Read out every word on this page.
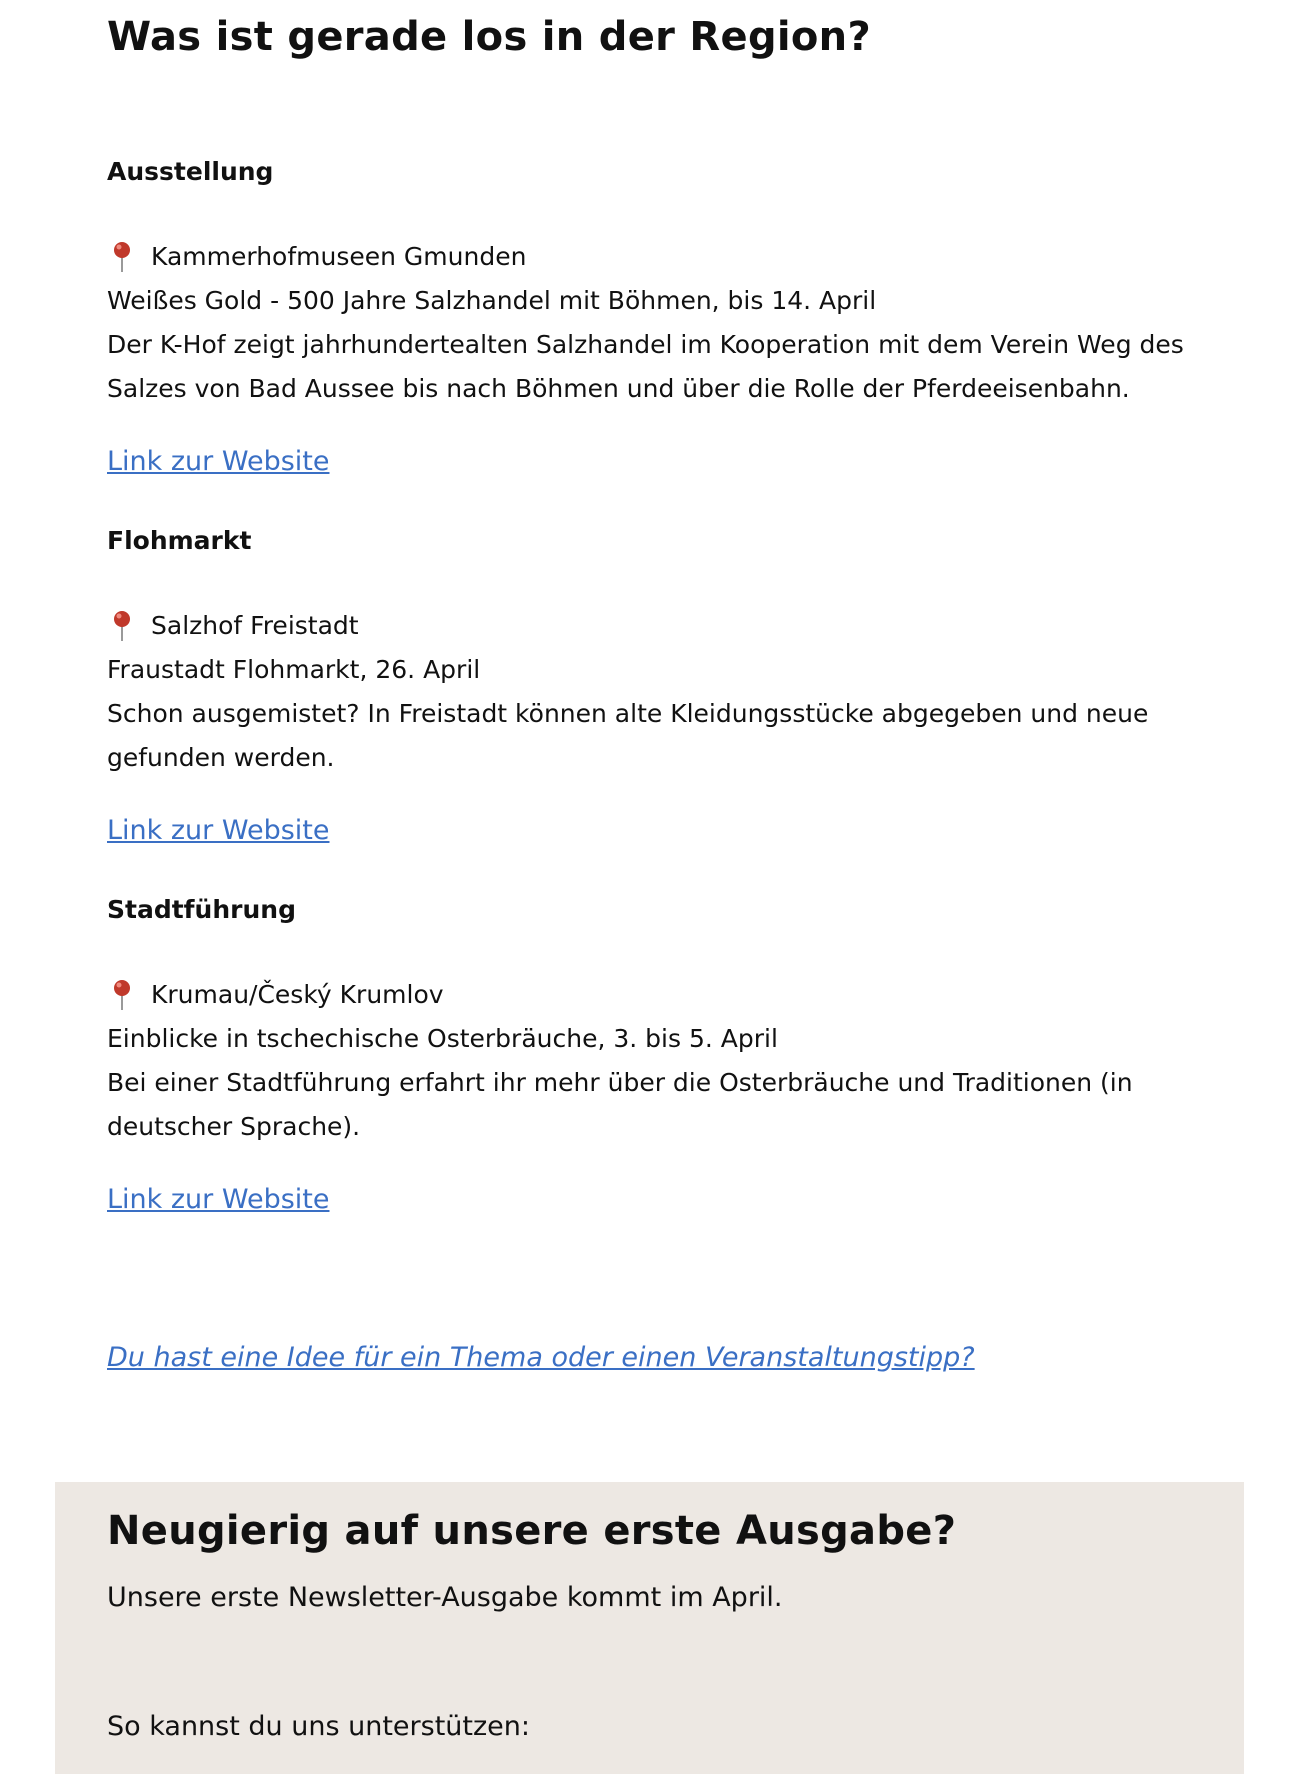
Was ist gerade los in der Region?
Ausstellung
Kammerhofmuseen Gmunden
Weißes Gold - 500 Jahre Salzhandel mit Böhmen, bis 14. April
Der K-Hof zeigt jahrhundertealten Salzhandel im Kooperation mit dem Verein Weg des Salzes von Bad Aussee bis nach Böhmen und über die Rolle der Pferdeeisenbahn.
Link zur Website
Flohmarkt
Salzhof Freistadt
Fraustadt Flohmarkt, 26. April
Schon ausgemistet? In Freistadt können alte Kleidungsstücke abgegeben und neue gefunden werden.
Link zur Website
Stadtführung
Krumau/Český Krumlov
Einblicke in tschechische Osterbräuche, 3. bis 5. April
Bei einer Stadtführung erfahrt ihr mehr über die Osterbräuche und Traditionen (in deutscher Sprache).
Link zur Website
Du hast eine Idee für ein Thema oder einen Veranstaltungstipp?
Neugierig auf unsere erste Ausgabe?
Unsere erste Newsletter-Ausgabe kommt im April.
So kannst du uns unterstützen:
